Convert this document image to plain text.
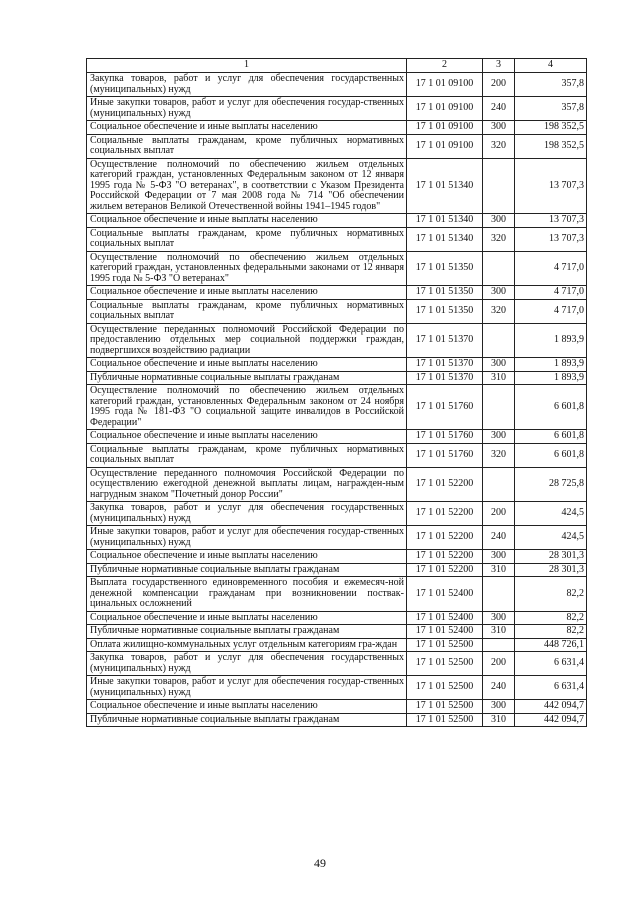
1	2	3	4
Закупка товаров, работ и услуг для обеспечения государственных (муниципальных) нужд	17 1 01 09100	200	357,8
Иные закупки товаров, работ и услуг для обеспечения государ-ственных (муниципальных) нужд	17 1 01 09100	240	357,8
Социальное обеспечение и иные выплаты населению	17 1 01 09100	300	198 352,5
Социальные выплаты гражданам, кроме публичных нормативных социальных выплат	17 1 01 09100	320	198 352,5
Осуществление полномочий по обеспечению жильем отдельных категорий граждан, установленных Федеральным законом от 12 января 1995 года № 5-ФЗ "О ветеранах", в соответствии с Указом Президента Российской Федерации от 7 мая 2008 года № 714 "Об обеспечении жильем ветеранов Великой Отечественной войны 1941–1945 годов"	17 1 01 51340		13 707,3
Социальное обеспечение и иные выплаты населению	17 1 01 51340	300	13 707,3
Социальные выплаты гражданам, кроме публичных нормативных социальных выплат	17 1 01 51340	320	13 707,3
Осуществление полномочий по обеспечению жильем отдельных категорий граждан, установленных федеральными законами от 12 января 1995 года № 5-ФЗ "О ветеранах"	17 1 01 51350		4 717,0
Социальное обеспечение и иные выплаты населению	17 1 01 51350	300	4 717,0
Социальные выплаты гражданам, кроме публичных нормативных социальных выплат	17 1 01 51350	320	4 717,0
Осуществление переданных полномочий Российской Федерации по предоставлению отдельных мер социальной поддержки граждан, подвергшихся воздействию радиации	17 1 01 51370		1 893,9
Социальное обеспечение и иные выплаты населению	17 1 01 51370	300	1 893,9
Публичные нормативные социальные выплаты гражданам	17 1 01 51370	310	1 893,9
Осуществление полномочий по обеспечению жильем отдельных категорий граждан, установленных Федеральным законом от 24 ноября 1995 года № 181-ФЗ "О социальной защите инвалидов в Российской Федерации"	17 1 01 51760		6 601,8
Социальное обеспечение и иные выплаты населению	17 1 01 51760	300	6 601,8
Социальные выплаты гражданам, кроме публичных нормативных социальных выплат	17 1 01 51760	320	6 601,8
Осуществление переданного полномочия Российской Федерации по осуществлению ежегодной денежной выплаты лицам, награжден-ным нагрудным знаком "Почетный донор России"	17 1 01 52200		28 725,8
Закупка товаров, работ и услуг для обеспечения государственных (муниципальных) нужд	17 1 01 52200	200	424,5
Иные закупки товаров, работ и услуг для обеспечения государ-ственных (муниципальных) нужд	17 1 01 52200	240	424,5
Социальное обеспечение и иные выплаты населению	17 1 01 52200	300	28 301,3
Публичные нормативные социальные выплаты гражданам	17 1 01 52200	310	28 301,3
Выплата государственного единовременного пособия и ежемесяч-ной денежной компенсации гражданам при возникновении поствак-цинальных осложнений	17 1 01 52400		82,2
Социальное обеспечение и иные выплаты населению	17 1 01 52400	300	82,2
Публичные нормативные социальные выплаты гражданам	17 1 01 52400	310	82,2
Оплата жилищно-коммунальных услуг отдельным категориям гра-ждан	17 1 01 52500		448 726,1
Закупка товаров, работ и услуг для обеспечения государственных (муниципальных) нужд	17 1 01 52500	200	6 631,4
Иные закупки товаров, работ и услуг для обеспечения государ-ственных (муниципальных) нужд	17 1 01 52500	240	6 631,4
Социальное обеспечение и иные выплаты населению	17 1 01 52500	300	442 094,7
Публичные нормативные социальные выплаты гражданам	17 1 01 52500	310	442 094,7
49
